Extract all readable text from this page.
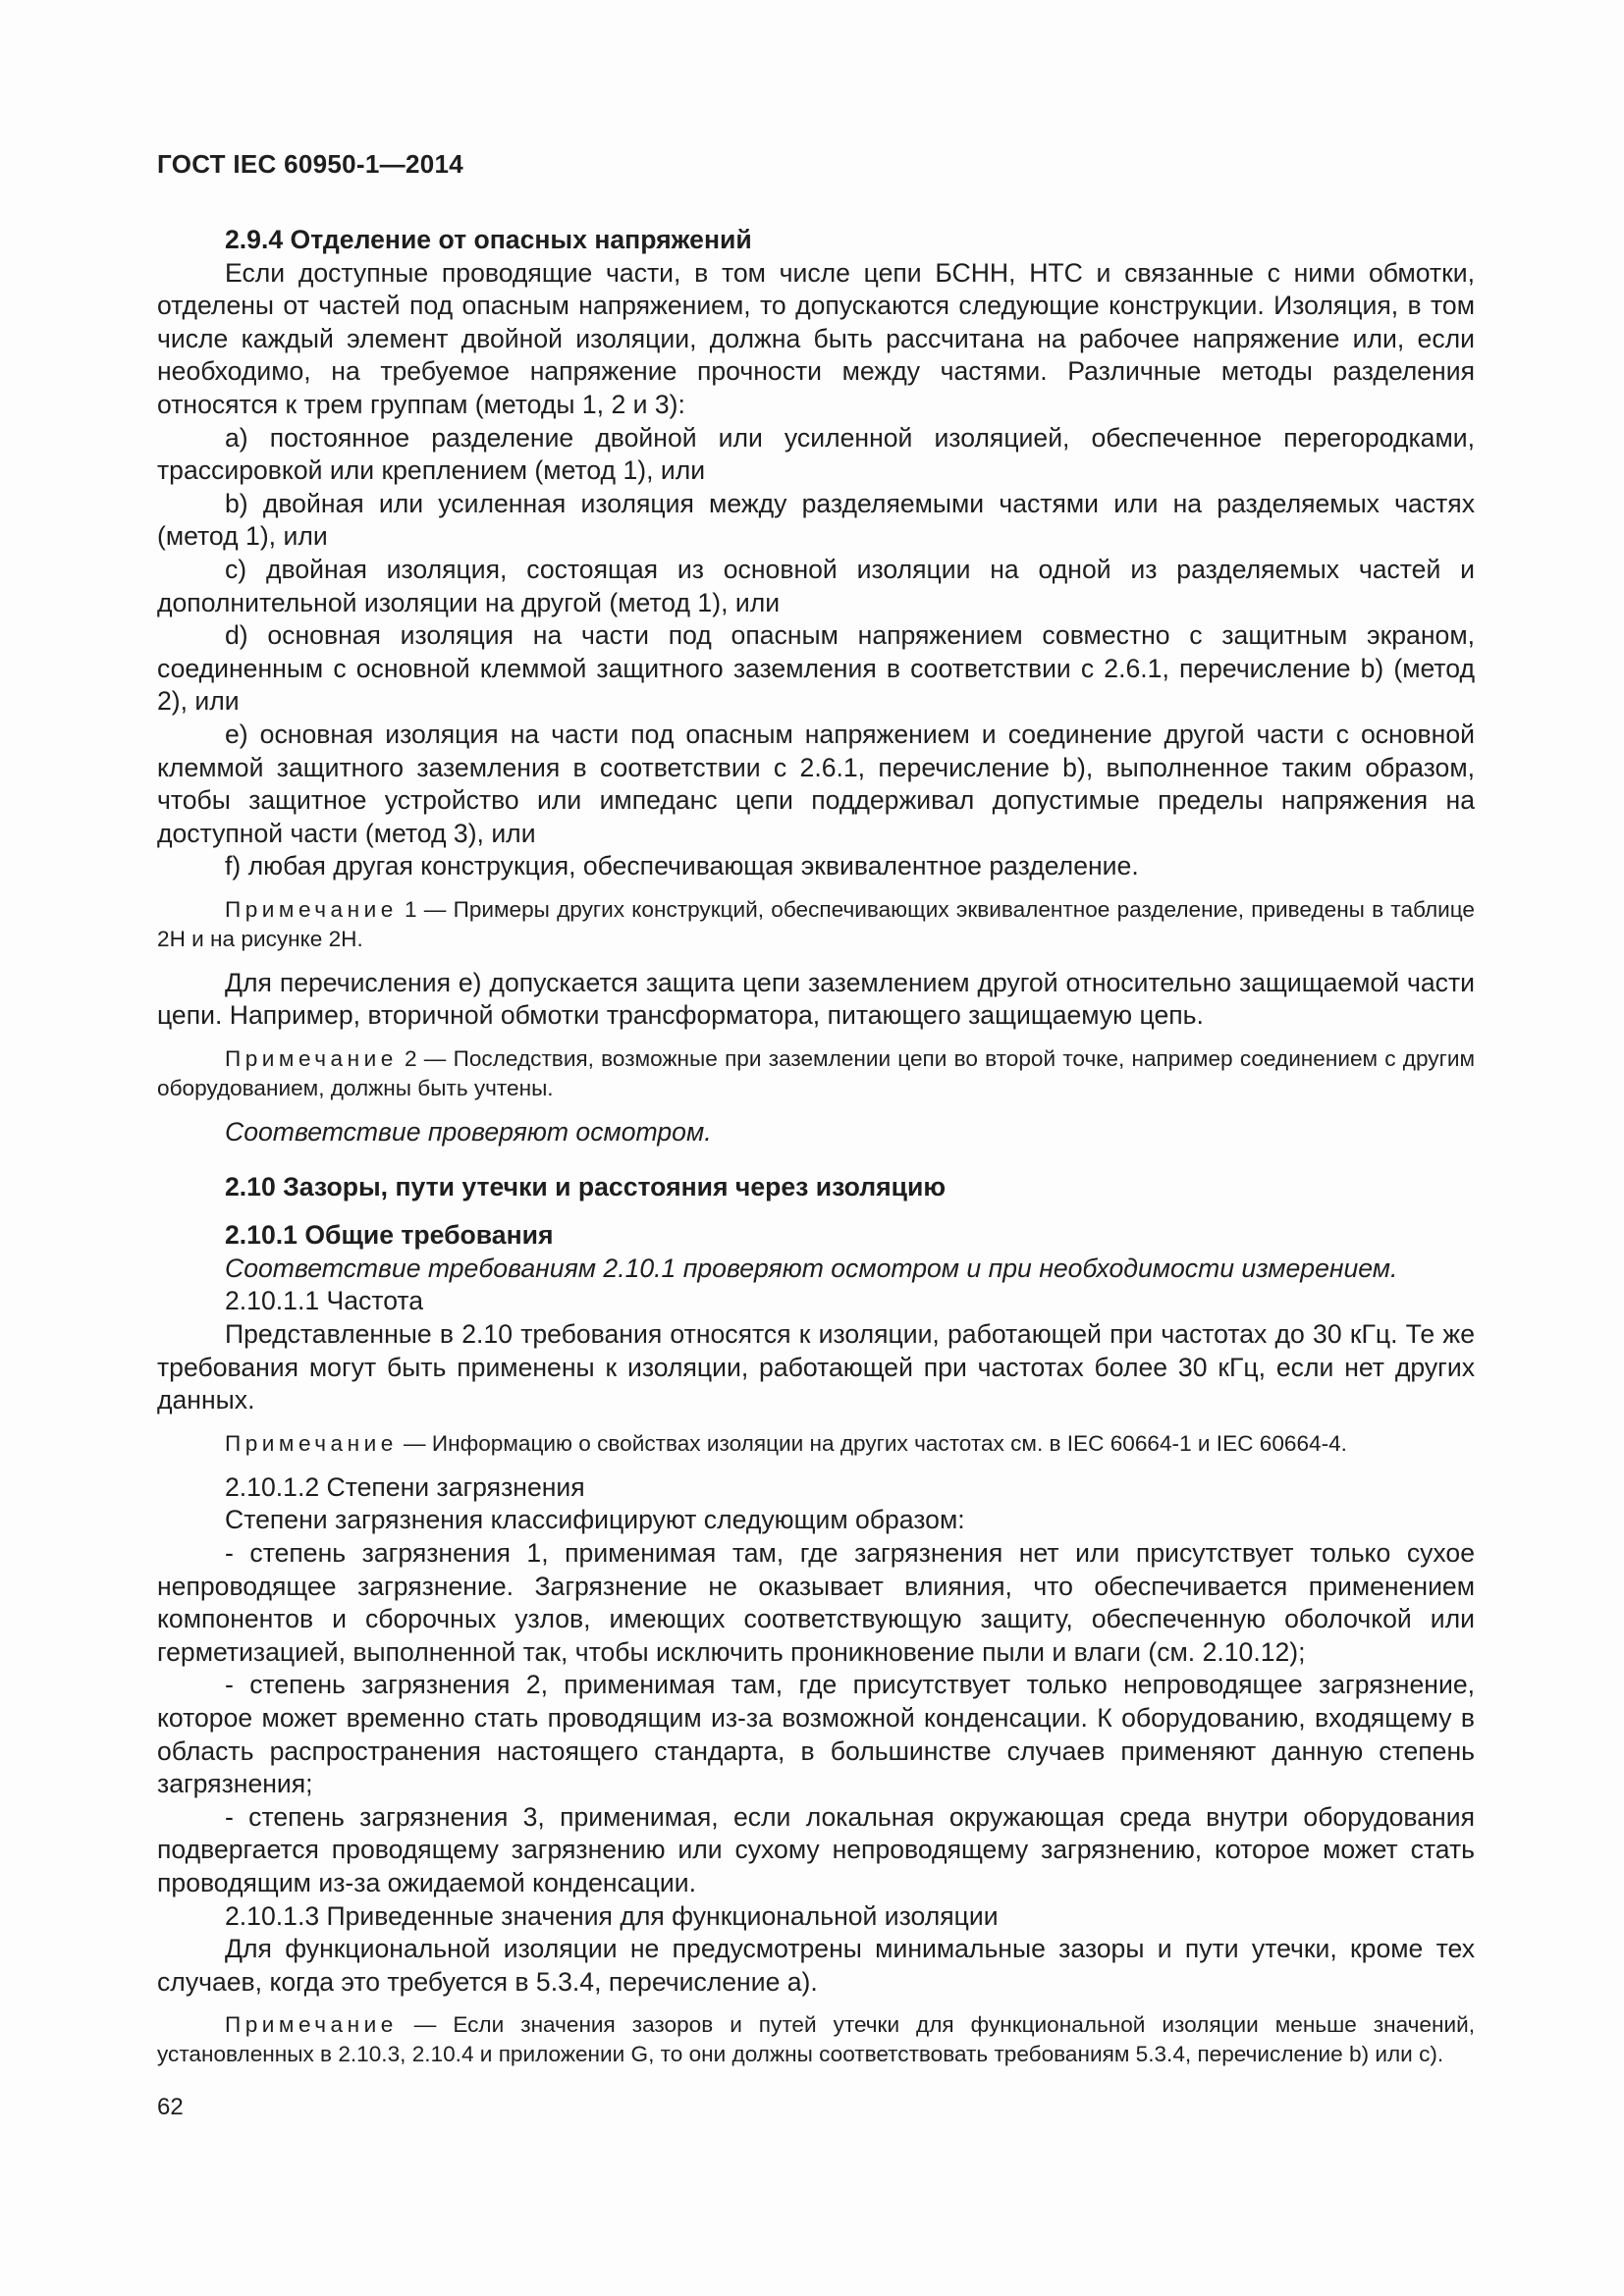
ГОСТ IEC 60950-1—2014

2.9.4 Отделение от опасных напряжений

Если доступные проводящие части, в том числе цепи БСНН, НТС и связанные с ними обмотки, отделены от частей под опасным напряжением, то допускаются следующие конструкции. Изоляция, в том числе каждый элемент двойной изоляции, должна быть рассчитана на рабочее напряжение или, если необходимо, на требуемое напряжение прочности между частями. Различные методы разделения относятся к трем группам (методы 1, 2 и 3):

а) постоянное разделение двойной или усиленной изоляцией, обеспеченное перегородками, трассировкой или креплением (метод 1), или

b) двойная или усиленная изоляция между разделяемыми частями или на разделяемых частях (метод 1), или

с) двойная изоляция, состоящая из основной изоляции на одной из разделяемых частей и дополнительной изоляции на другой (метод 1), или

d) основная изоляция на части под опасным напряжением совместно с защитным экраном, соединенным с основной клеммой защитного заземления в соответствии с 2.6.1, перечисление b) (метод 2), или

е) основная изоляция на части под опасным напряжением и соединение другой части с основной клеммой защитного заземления в соответствии с 2.6.1, перечисление b), выполненное таким образом, чтобы защитное устройство или импеданс цепи поддерживал допустимые пределы напряжения на доступной части (метод 3), или

f) любая другая конструкция, обеспечивающая эквивалентное разделение.

Примечание 1 — Примеры других конструкций, обеспечивающих эквивалентное разделение, приведены в таблице 2Н и на рисунке 2Н.

Для перечисления е) допускается защита цепи заземлением другой относительно защищаемой части цепи. Например, вторичной обмотки трансформатора, питающего защищаемую цепь.

Примечание 2 — Последствия, возможные при заземлении цепи во второй точке, например соединением с другим оборудованием, должны быть учтены.

Соответствие проверяют осмотром.

2.10 Зазоры, пути утечки и расстояния через изоляцию

2.10.1 Общие требования

Соответствие требованиям 2.10.1 проверяют осмотром и при необходимости измерением.

2.10.1.1 Частота

Представленные в 2.10 требования относятся к изоляции, работающей при частотах до 30 кГц. Те же требования могут быть применены к изоляции, работающей при частотах более 30 кГц, если нет других данных.

Примечание — Информацию о свойствах изоляции на других частотах см. в IEC 60664-1 и IEC 60664-4.

2.10.1.2 Степени загрязнения

Степени загрязнения классифицируют следующим образом:

- степень загрязнения 1, применимая там, где загрязнения нет или присутствует только сухое непроводящее загрязнение. Загрязнение не оказывает влияния, что обеспечивается применением компонентов и сборочных узлов, имеющих соответствующую защиту, обеспеченную оболочкой или герметизацией, выполненной так, чтобы исключить проникновение пыли и влаги (см. 2.10.12);

- степень загрязнения 2, применимая там, где присутствует только непроводящее загрязнение, которое может временно стать проводящим из-за возможной конденсации. К оборудованию, входящему в область распространения настоящего стандарта, в большинстве случаев применяют данную степень загрязнения;

- степень загрязнения 3, применимая, если локальная окружающая среда внутри оборудования подвергается проводящему загрязнению или сухому непроводящему загрязнению, которое может стать проводящим из-за ожидаемой конденсации.

2.10.1.3 Приведенные значения для функциональной изоляции

Для функциональной изоляции не предусмотрены минимальные зазоры и пути утечки, кроме тех случаев, когда это требуется в 5.3.4, перечисление а).

Примечание — Если значения зазоров и путей утечки для функциональной изоляции меньше значений, установленных в 2.10.3, 2.10.4 и приложении G, то они должны соответствовать требованиям 5.3.4, перечисление b) или с).

62
